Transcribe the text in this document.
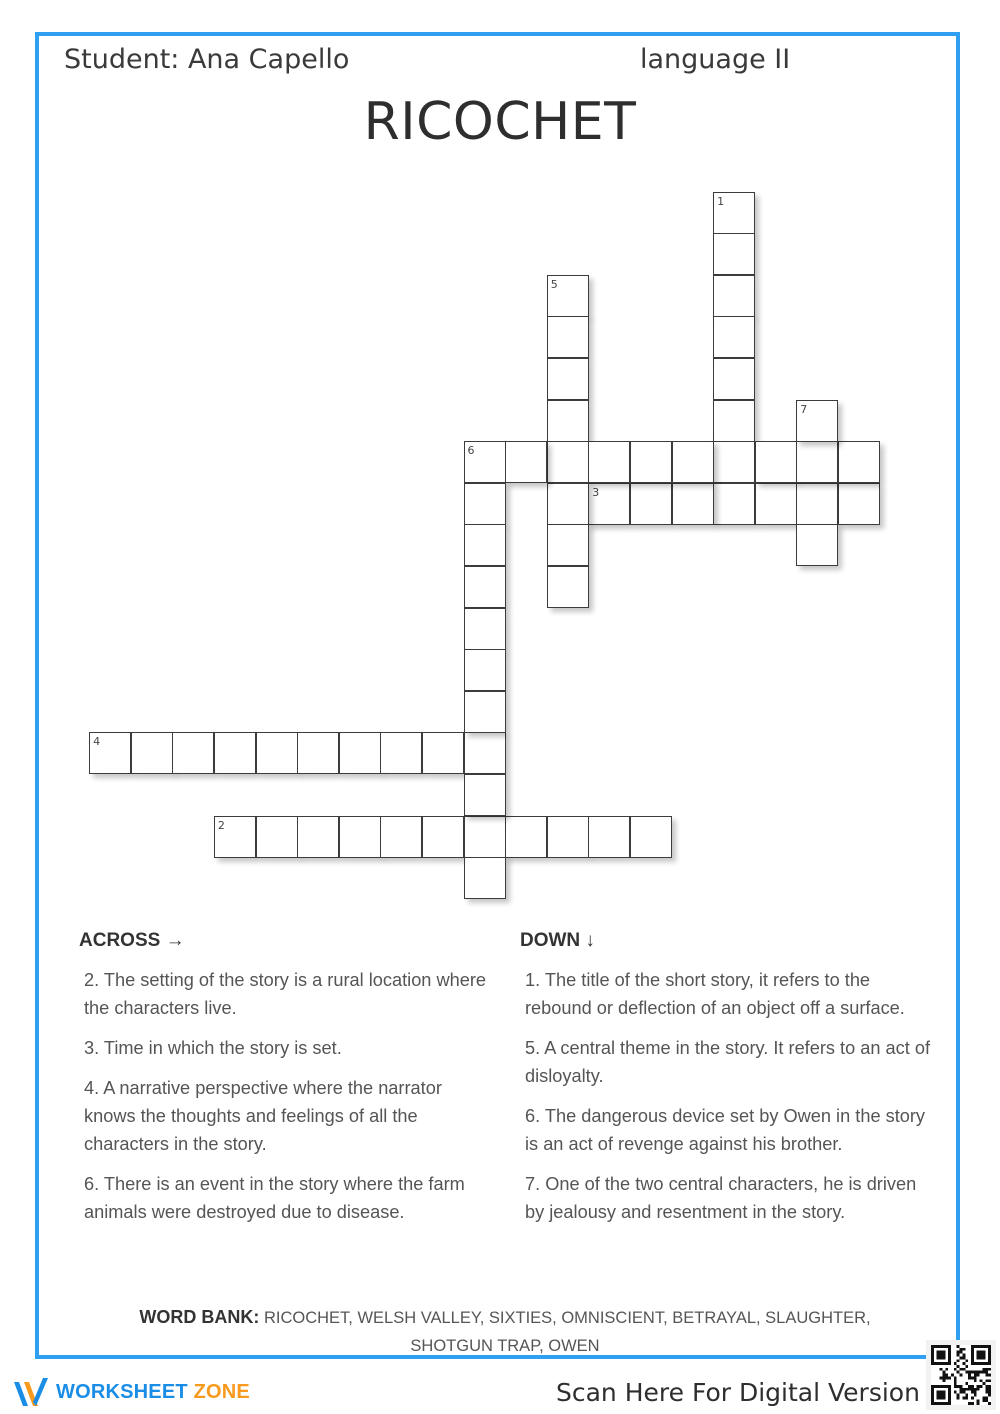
Student: Ana Capello	language II
RICOCHET
1
2
3
4
5
6
7
ACROSS →	DOWN ↓
2. The setting of the story is a rural location where the characters live.
3. Time in which the story is set.
4. A narrative perspective where the narrator knows the thoughts and feelings of all the characters in the story.
6. There is an event in the story where the farm animals were destroyed due to disease.
1. The title of the short story, it refers to the rebound or deflection of an object off a surface.
5. A central theme in the story. It refers to an act of disloyalty.
6. The dangerous device set by Owen in the story is an act of revenge against his brother.
7. One of the two central characters, he is driven by jealousy and resentment in the story.
WORD BANK: RICOCHET, WELSH VALLEY, SIXTIES, OMNISCIENT, BETRAYAL, SLAUGHTER, SHOTGUN TRAP, OWEN
WORKSHEET ZONE	Scan Here For Digital Version
